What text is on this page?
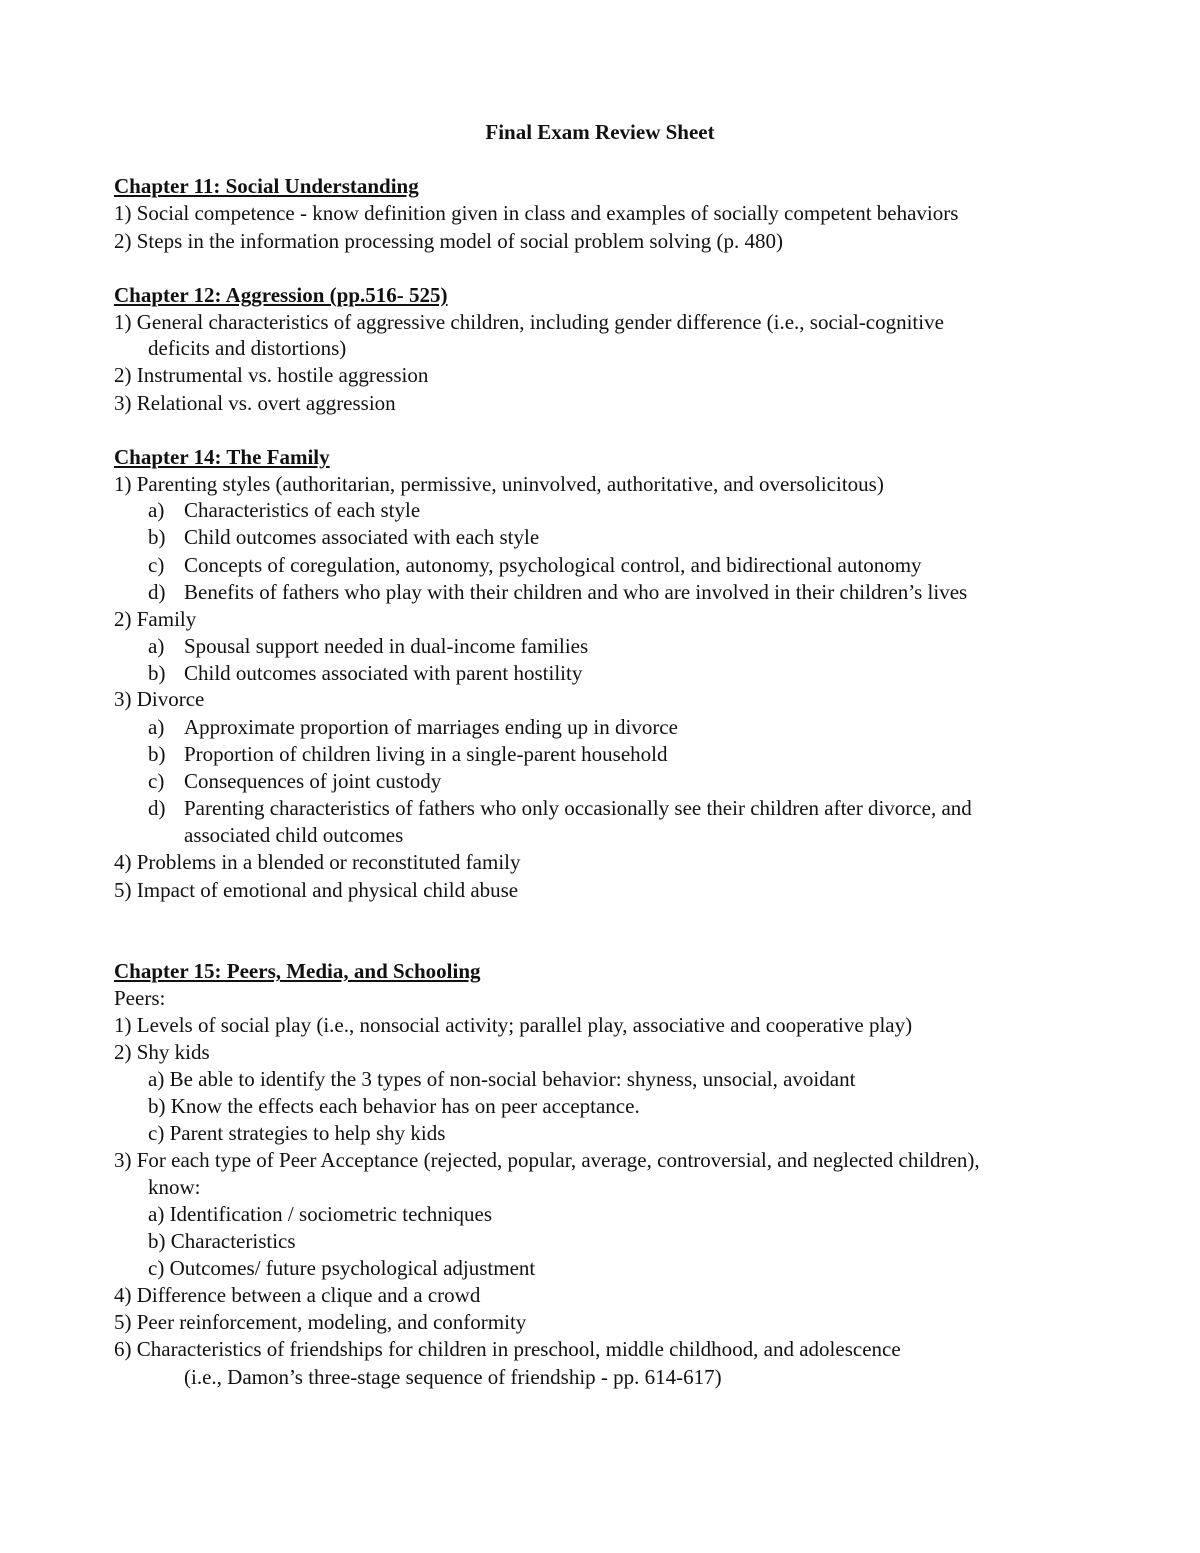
Final Exam Review Sheet
Chapter 11: Social Understanding
1) Social competence - know definition given in class and examples of socially competent behaviors
2) Steps in the information processing model of social problem solving (p. 480)
Chapter 12: Aggression (pp.516- 525)
1) General characteristics of aggressive children, including gender difference (i.e., social-cognitive
deficits and distortions)
2) Instrumental vs. hostile aggression
3) Relational vs. overt aggression
Chapter 14: The Family
1) Parenting styles (authoritarian, permissive, uninvolved, authoritative, and oversolicitous)
a) Characteristics of each style
b) Child outcomes associated with each style
c) Concepts of coregulation, autonomy, psychological control, and bidirectional autonomy
d) Benefits of fathers who play with their children and who are involved in their children’s lives
2) Family
a) Spousal support needed in dual-income families
b) Child outcomes associated with parent hostility
3) Divorce
a) Approximate proportion of marriages ending up in divorce
b) Proportion of children living in a single-parent household
c) Consequences of joint custody
d) Parenting characteristics of fathers who only occasionally see their children after divorce, and
associated child outcomes
4) Problems in a blended or reconstituted family
5) Impact of emotional and physical child abuse
Chapter 15: Peers, Media, and Schooling
Peers:
1) Levels of social play (i.e., nonsocial activity; parallel play, associative and cooperative play)
2) Shy kids
a) Be able to identify the 3 types of non-social behavior: shyness, unsocial, avoidant
b) Know the effects each behavior has on peer acceptance.
c) Parent strategies to help shy kids
3) For each type of Peer Acceptance (rejected, popular, average, controversial, and neglected children),
know:
a) Identification / sociometric techniques
b) Characteristics
c) Outcomes/ future psychological adjustment
4) Difference between a clique and a crowd
5) Peer reinforcement, modeling, and conformity
6) Characteristics of friendships for children in preschool, middle childhood, and adolescence
(i.e., Damon’s three-stage sequence of friendship - pp. 614-617)
